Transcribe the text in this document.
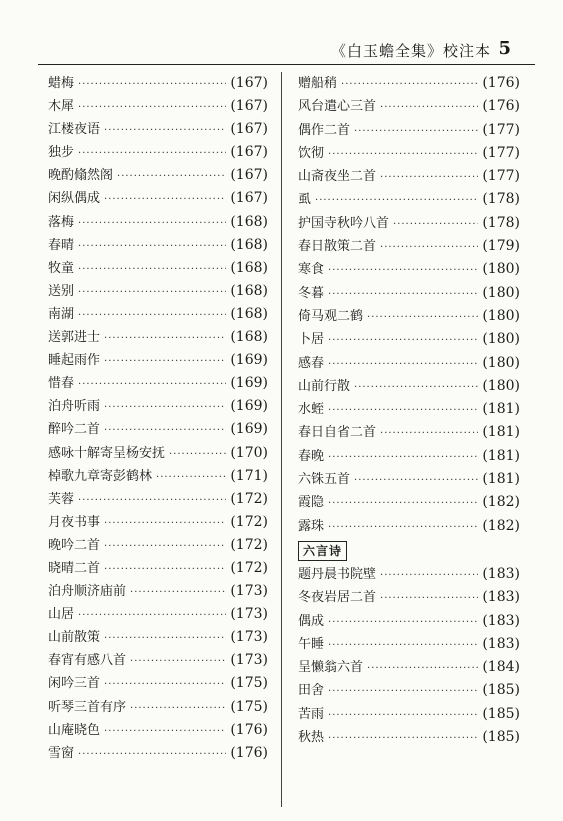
《白玉蟾全集》校注本 5
蜡梅 ·····	(167)
木犀 ·····	(167)
江楼夜语 ·····	(167)
独步 ·····	(167)
晚酌翛然阁 ·····	(167)
闲纵偶成 ·····	(167)
落梅 ·····	(168)
春晴 ·····	(168)
牧童 ·····	(168)
送别 ·····	(168)
南湖 ·····	(168)
送郭进士 ·····	(168)
睡起雨作 ·····	(169)
惜春 ·····	(169)
泊舟听雨 ·····	(169)
醉吟二首 ·····	(169)
感咏十解寄呈杨安抚 ·····	(170)
棹歌九章寄彭鹤林 ·····	(171)
芙蓉 ·····	(172)
月夜书事 ·····	(172)
晚吟二首 ·····	(172)
晓晴二首 ·····	(172)
泊舟顺济庙前 ·····	(173)
山居 ·····	(173)
山前散策 ·····	(173)
春宵有感八首 ·····	(173)
闲吟三首 ·····	(175)
听琴三首有序 ·····	(175)
山庵晓色 ·····	(176)
雪窗 ·····	(176)
赠船稍 ·····	(176)
风台遣心三首 ·····	(176)
偶作二首 ·····	(177)
饮彻 ·····	(177)
山斋夜坐二首 ·····	(177)
虱 ·····	(178)
护国寺秋吟八首 ·····	(178)
春日散策二首 ·····	(179)
寒食 ·····	(180)
冬暮 ·····	(180)
倚马观二鹤 ·····	(180)
卜居 ·····	(180)
感春 ·····	(180)
山前行散 ·····	(180)
水蛭 ·····	(181)
春日自省二首 ·····	(181)
春晚 ·····	(181)
六铢五首 ·····	(181)
霞隐 ·····	(182)
露珠 ·····	(182)
六言诗
题丹晨书院壁 ·····	(183)
冬夜岩居二首 ·····	(183)
偶成 ·····	(183)
午睡 ·····	(183)
呈懒翁六首 ·····	(184)
田舍 ·····	(185)
苦雨 ·····	(185)
秋热 ·····	(185)
